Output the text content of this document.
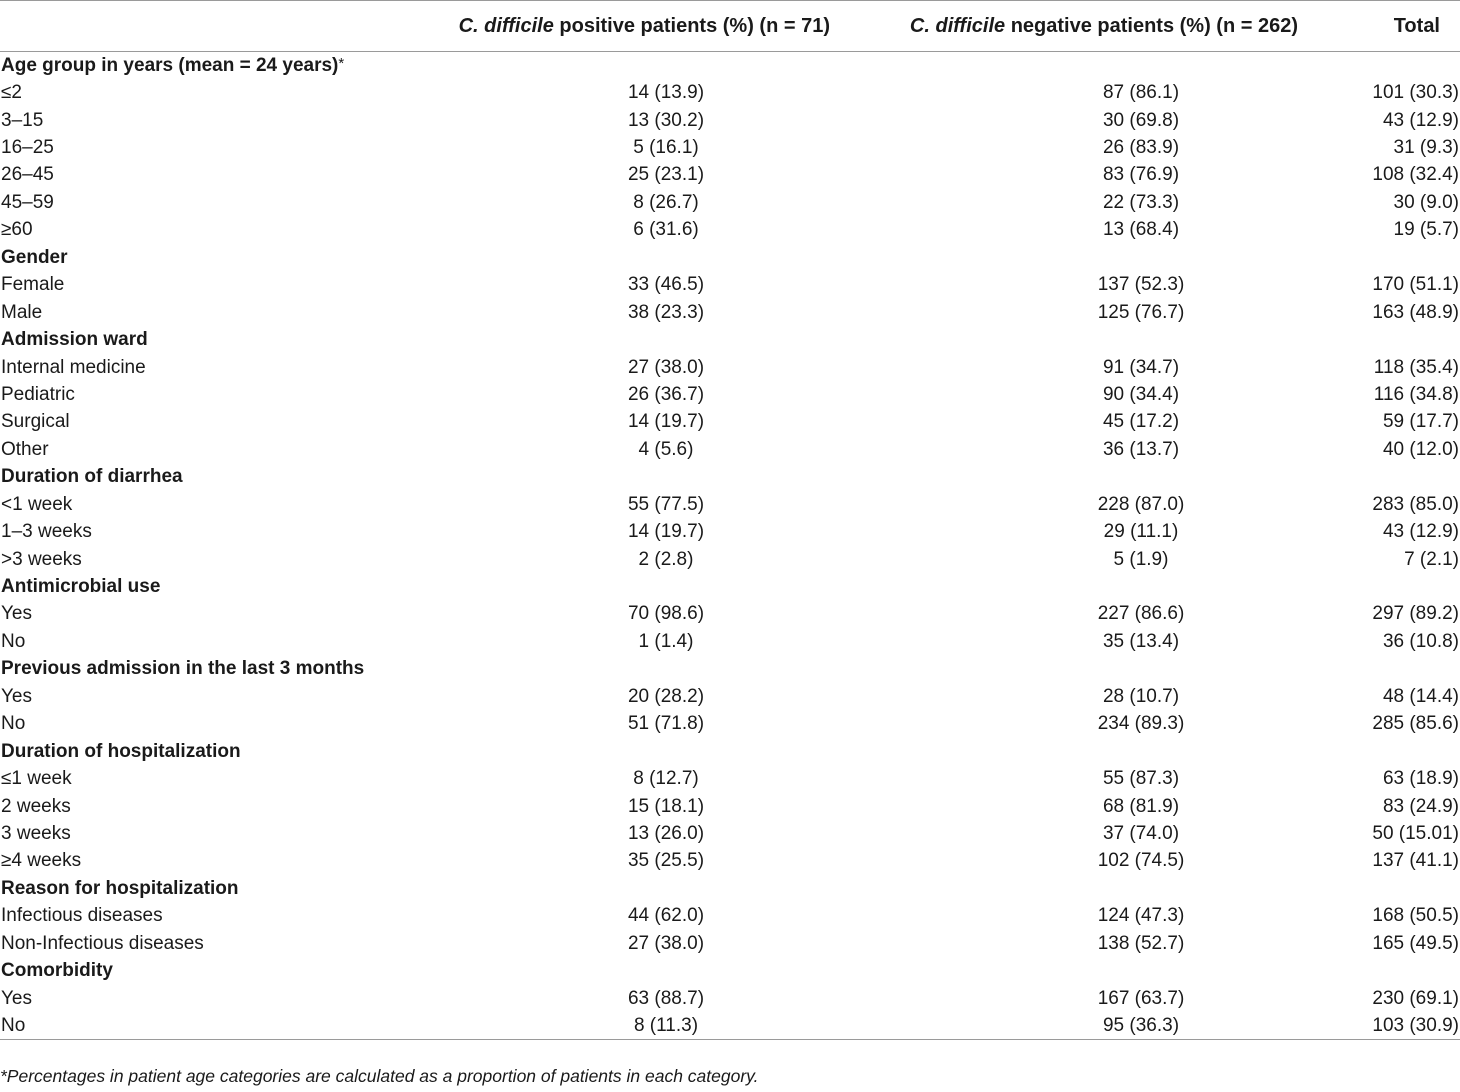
	C. difficile positive patients (%) (n = 71)	C. difficile negative patients (%) (n = 262)	Total
Age group in years (mean = 24 years)*
≤2	14 (13.9)	87 (86.1)	101 (30.3)
3–15	13 (30.2)	30 (69.8)	43 (12.9)
16–25	5 (16.1)	26 (83.9)	31 (9.3)
26–45	25 (23.1)	83 (76.9)	108 (32.4)
45–59	8 (26.7)	22 (73.3)	30 (9.0)
≥60	6 (31.6)	13 (68.4)	19 (5.7)
Gender			
Female	33 (46.5)	137 (52.3)	170 (51.1)
Male	38 (23.3)	125 (76.7)	163 (48.9)
Admission ward			
Internal medicine	27 (38.0)	91 (34.7)	118 (35.4)
Pediatric	26 (36.7)	90 (34.4)	116 (34.8)
Surgical	14 (19.7)	45 (17.2)	59 (17.7)
Other	4 (5.6)	36 (13.7)	40 (12.0)
Duration of diarrhea			
<1 week	55 (77.5)	228 (87.0)	283 (85.0)
1–3 weeks	14 (19.7)	29 (11.1)	43 (12.9)
>3 weeks	2 (2.8)	5 (1.9)	7 (2.1)
Antimicrobial use			
Yes	70 (98.6)	227 (86.6)	297 (89.2)
No	1 (1.4)	35 (13.4)	36 (10.8)
Previous admission in the last 3 months			
Yes	20 (28.2)	28 (10.7)	48 (14.4)
No	51 (71.8)	234 (89.3)	285 (85.6)
Duration of hospitalization			
≤1 week	8 (12.7)	55 (87.3)	63 (18.9)
2 weeks	15 (18.1)	68 (81.9)	83 (24.9)
3 weeks	13 (26.0)	37 (74.0)	50 (15.01)
≥4 weeks	35 (25.5)	102 (74.5)	137 (41.1)
Reason for hospitalization			
Infectious diseases	44 (62.0)	124 (47.3)	168 (50.5)
Non-Infectious diseases	27 (38.0)	138 (52.7)	165 (49.5)
Comorbidity			
Yes	63 (88.7)	167 (63.7)	230 (69.1)
No	8 (11.3)	95 (36.3)	103 (30.9)
*Percentages in patient age categories are calculated as a proportion of patients in each category.
